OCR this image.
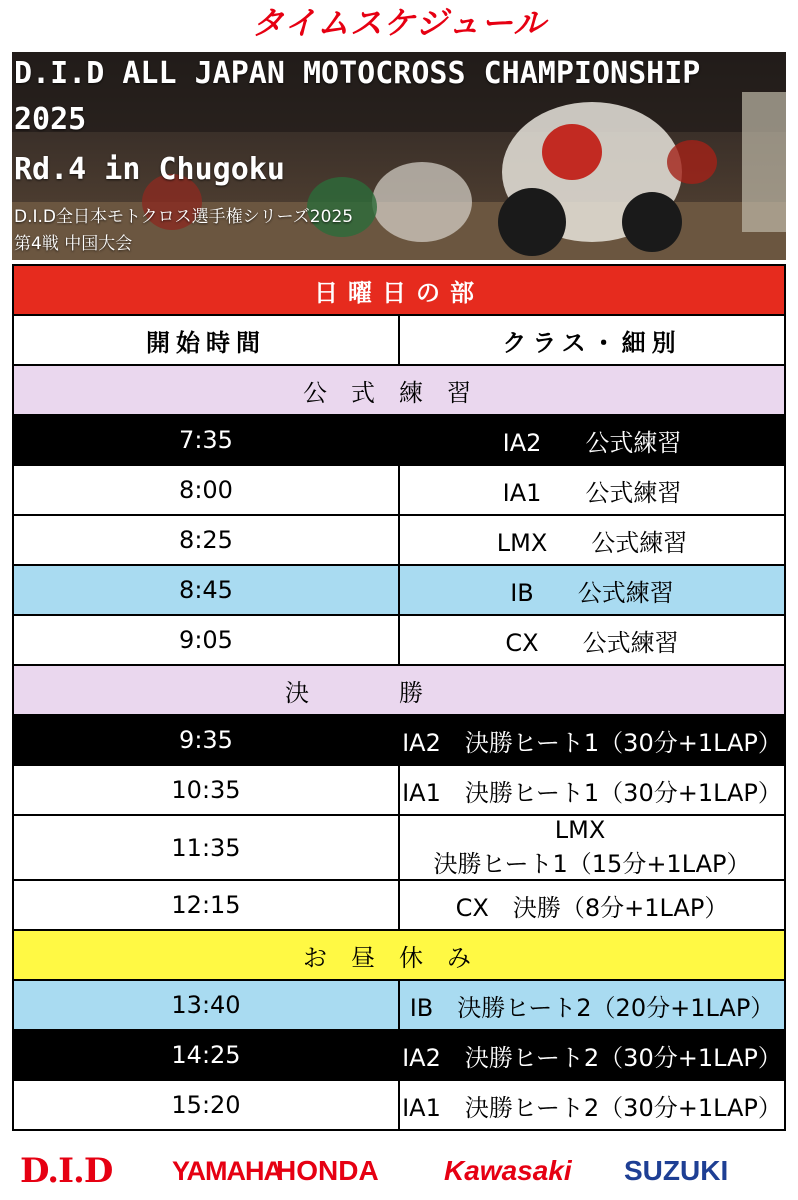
タイムスケジュール
D.I.D ALL JAPAN MOTOCROSS CHAMPIONSHIP
2025
Rd.4 in Chugoku
D.I.D全日本モトクロス選手権シリーズ2025
第4戦 中国大会
日曜日の部	
開始時間	クラス・細別
公式練習	
7:35	IA2 公式練習
8:00	IA1 公式練習
8:25	LMX 公式練習
8:45	IB 公式練習
9:05	CX 公式練習
決勝	
9:35	IA2 決勝ヒート1（30分+1LAP）
10:35	IA1 決勝ヒート1（30分+1LAP）
11:35	LMX決勝ヒート1（15分+1LAP）
12:15	CX 決勝（8分+1LAP）
お昼休み	
13:40	IB 決勝ヒート2（20分+1LAP）
14:25	IA2 決勝ヒート2（30分+1LAP）
15:20	IA1 決勝ヒート2（30分+1LAP）
D.I.D YAMAHA
HONDA Kawasaki SUZUKI
